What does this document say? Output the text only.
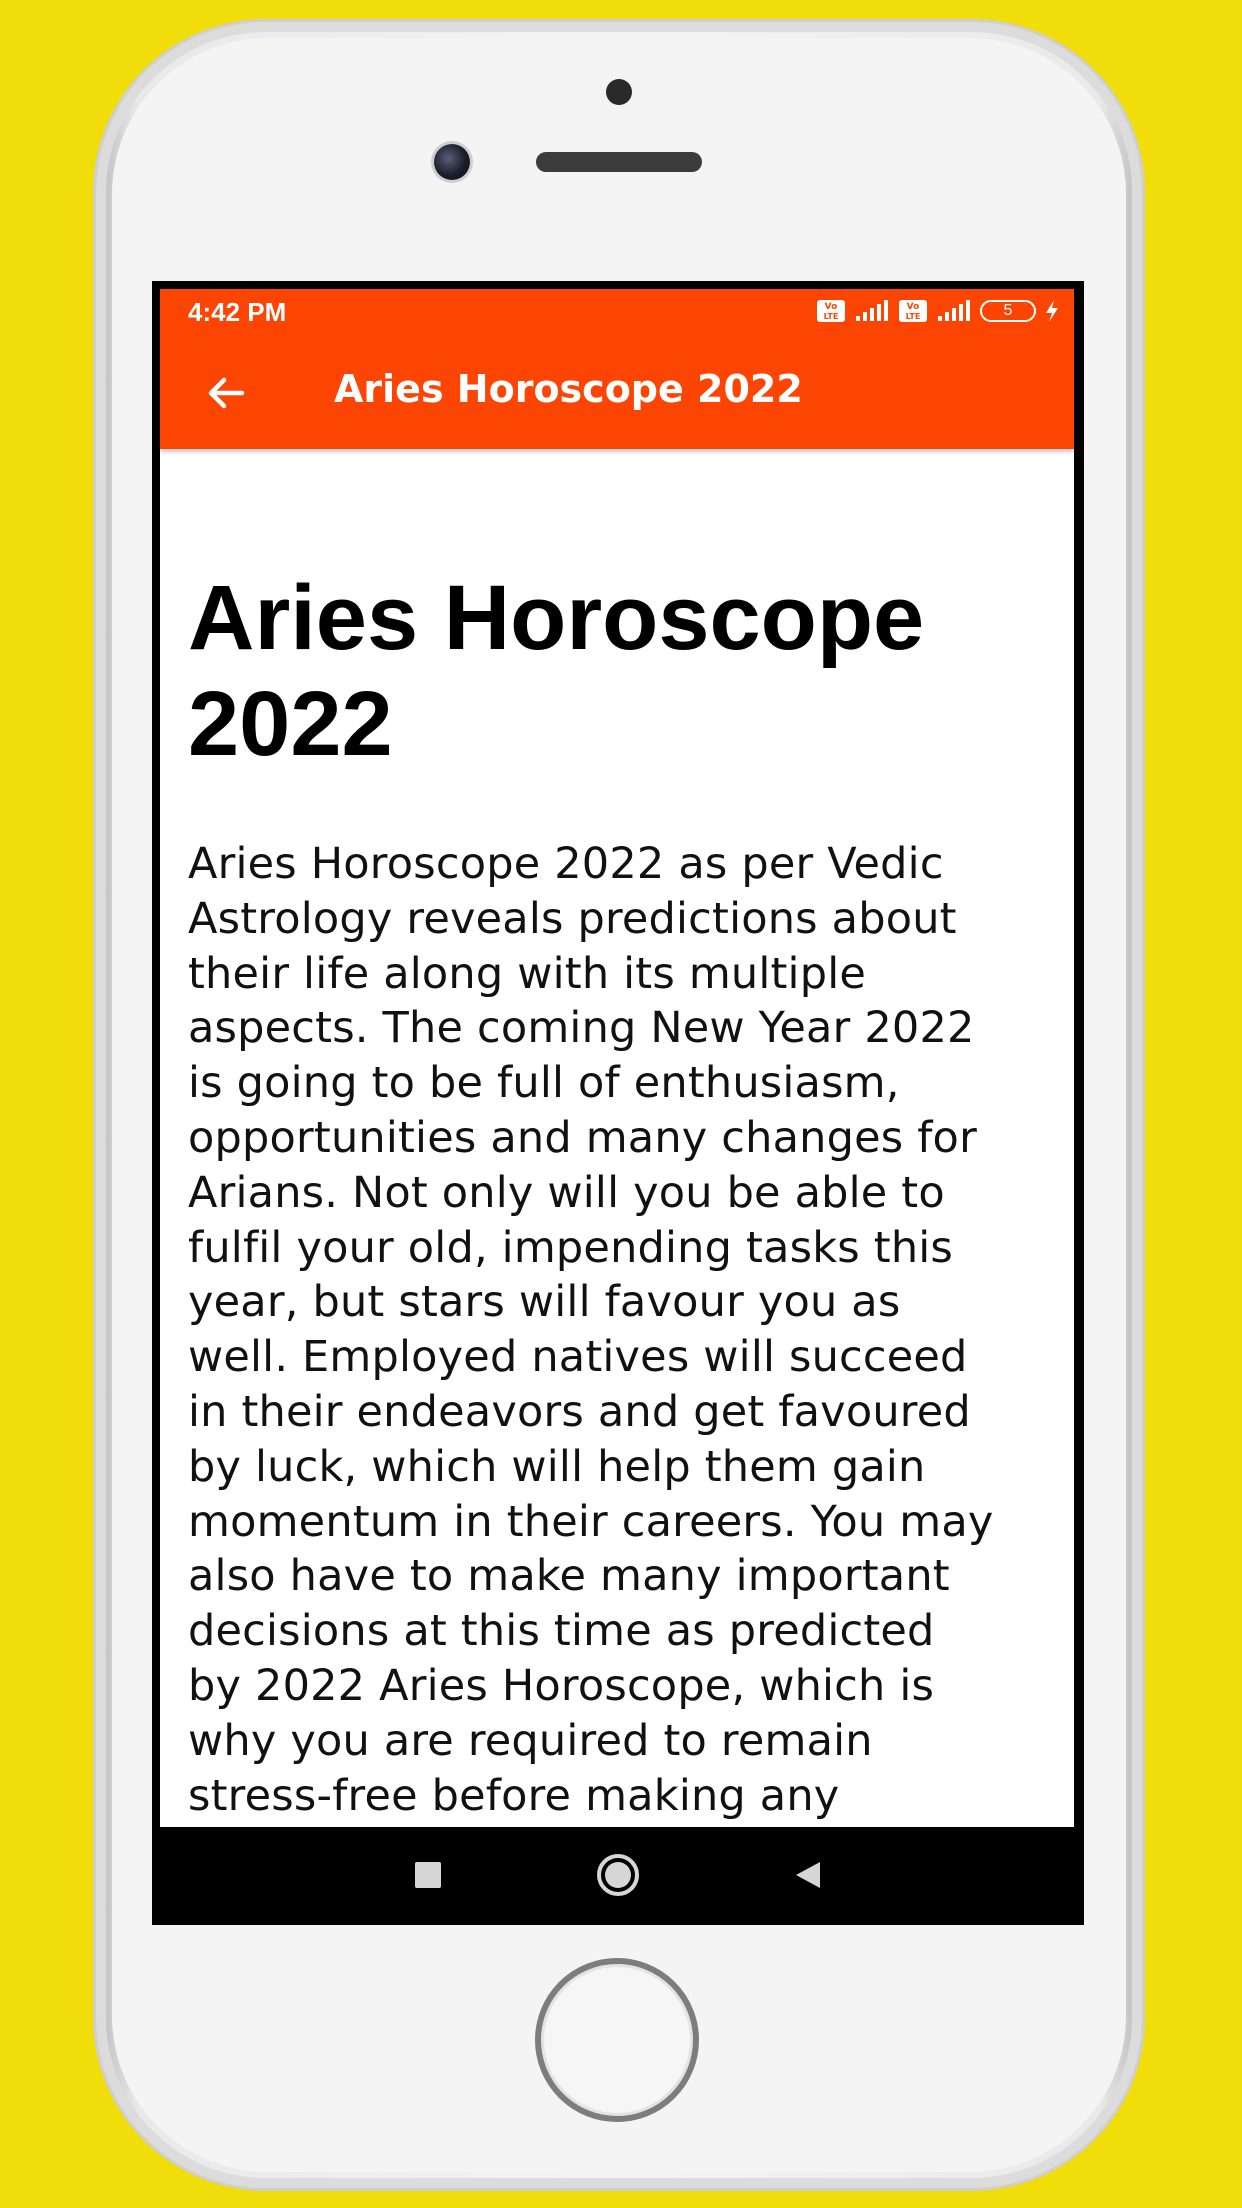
4:42 PM	Vo
LTE
Vo
LTE	5
Aries Horoscope 2022
Aries Horoscope
2022

Aries Horoscope 2022 as per Vedic
Astrology reveals predictions about
their life along with its multiple
aspects. The coming New Year 2022
is going to be full of enthusiasm,
opportunities and many changes for
Arians. Not only will you be able to
fulfil your old, impending tasks this
year, but stars will favour you as
well. Employed natives will succeed
in their endeavors and get favoured
by luck, which will help them gain
momentum in their careers. You may
also have to make many important
decisions at this time as predicted
by 2022 Aries Horoscope, which is
why you are required to remain
stress-free before making any
